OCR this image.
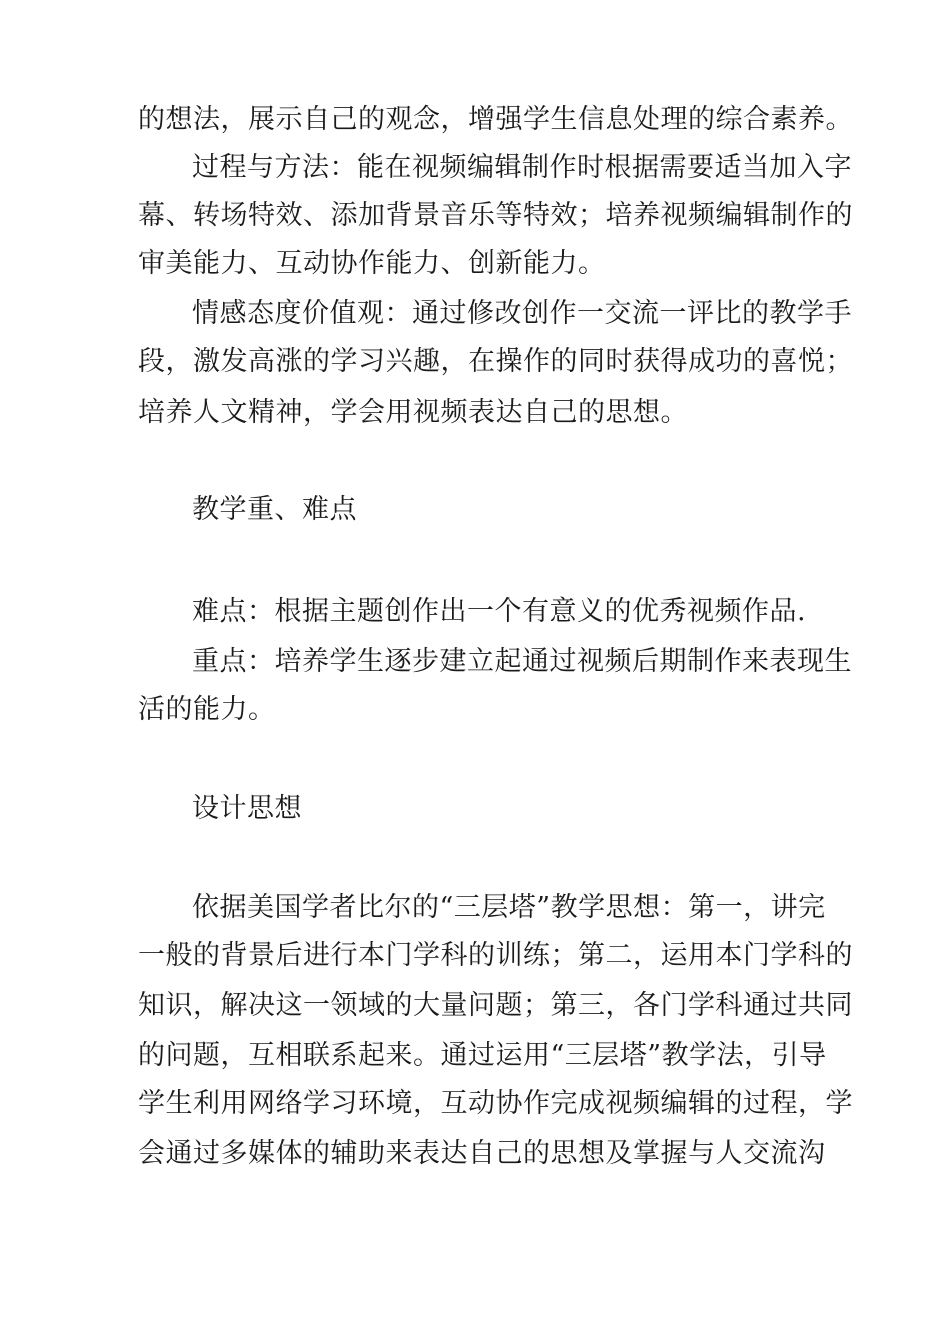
的想法，展示自己的观念，增强学生信息处理的综合素养。
过程与方法：能在视频编辑制作时根据需要适当加入字
幕、转场特效、添加背景音乐等特效；培养视频编辑制作的
审美能力、互动协作能力、创新能力。
情感态度价值观：通过修改创作一交流一评比的教学手
段，激发高涨的学习兴趣，在操作的同时获得成功的喜悦；
培养人文精神，学会用视频表达自己的思想。
教学重、难点
难点：根据主题创作出一个有意义的优秀视频作品.
重点：培养学生逐步建立起通过视频后期制作来表现生
活的能力。
设计思想
依据美国学者比尔的“三层塔”教学思想：第一，讲完
一般的背景后进行本门学科的训练；第二，运用本门学科的
知识，解决这一领域的大量问题；第三，各门学科通过共同
的问题，互相联系起来。通过运用“三层塔”教学法，引导
学生利用网络学习环境，互动协作完成视频编辑的过程，学
会通过多媒体的辅助来表达自己的思想及掌握与人交流沟
